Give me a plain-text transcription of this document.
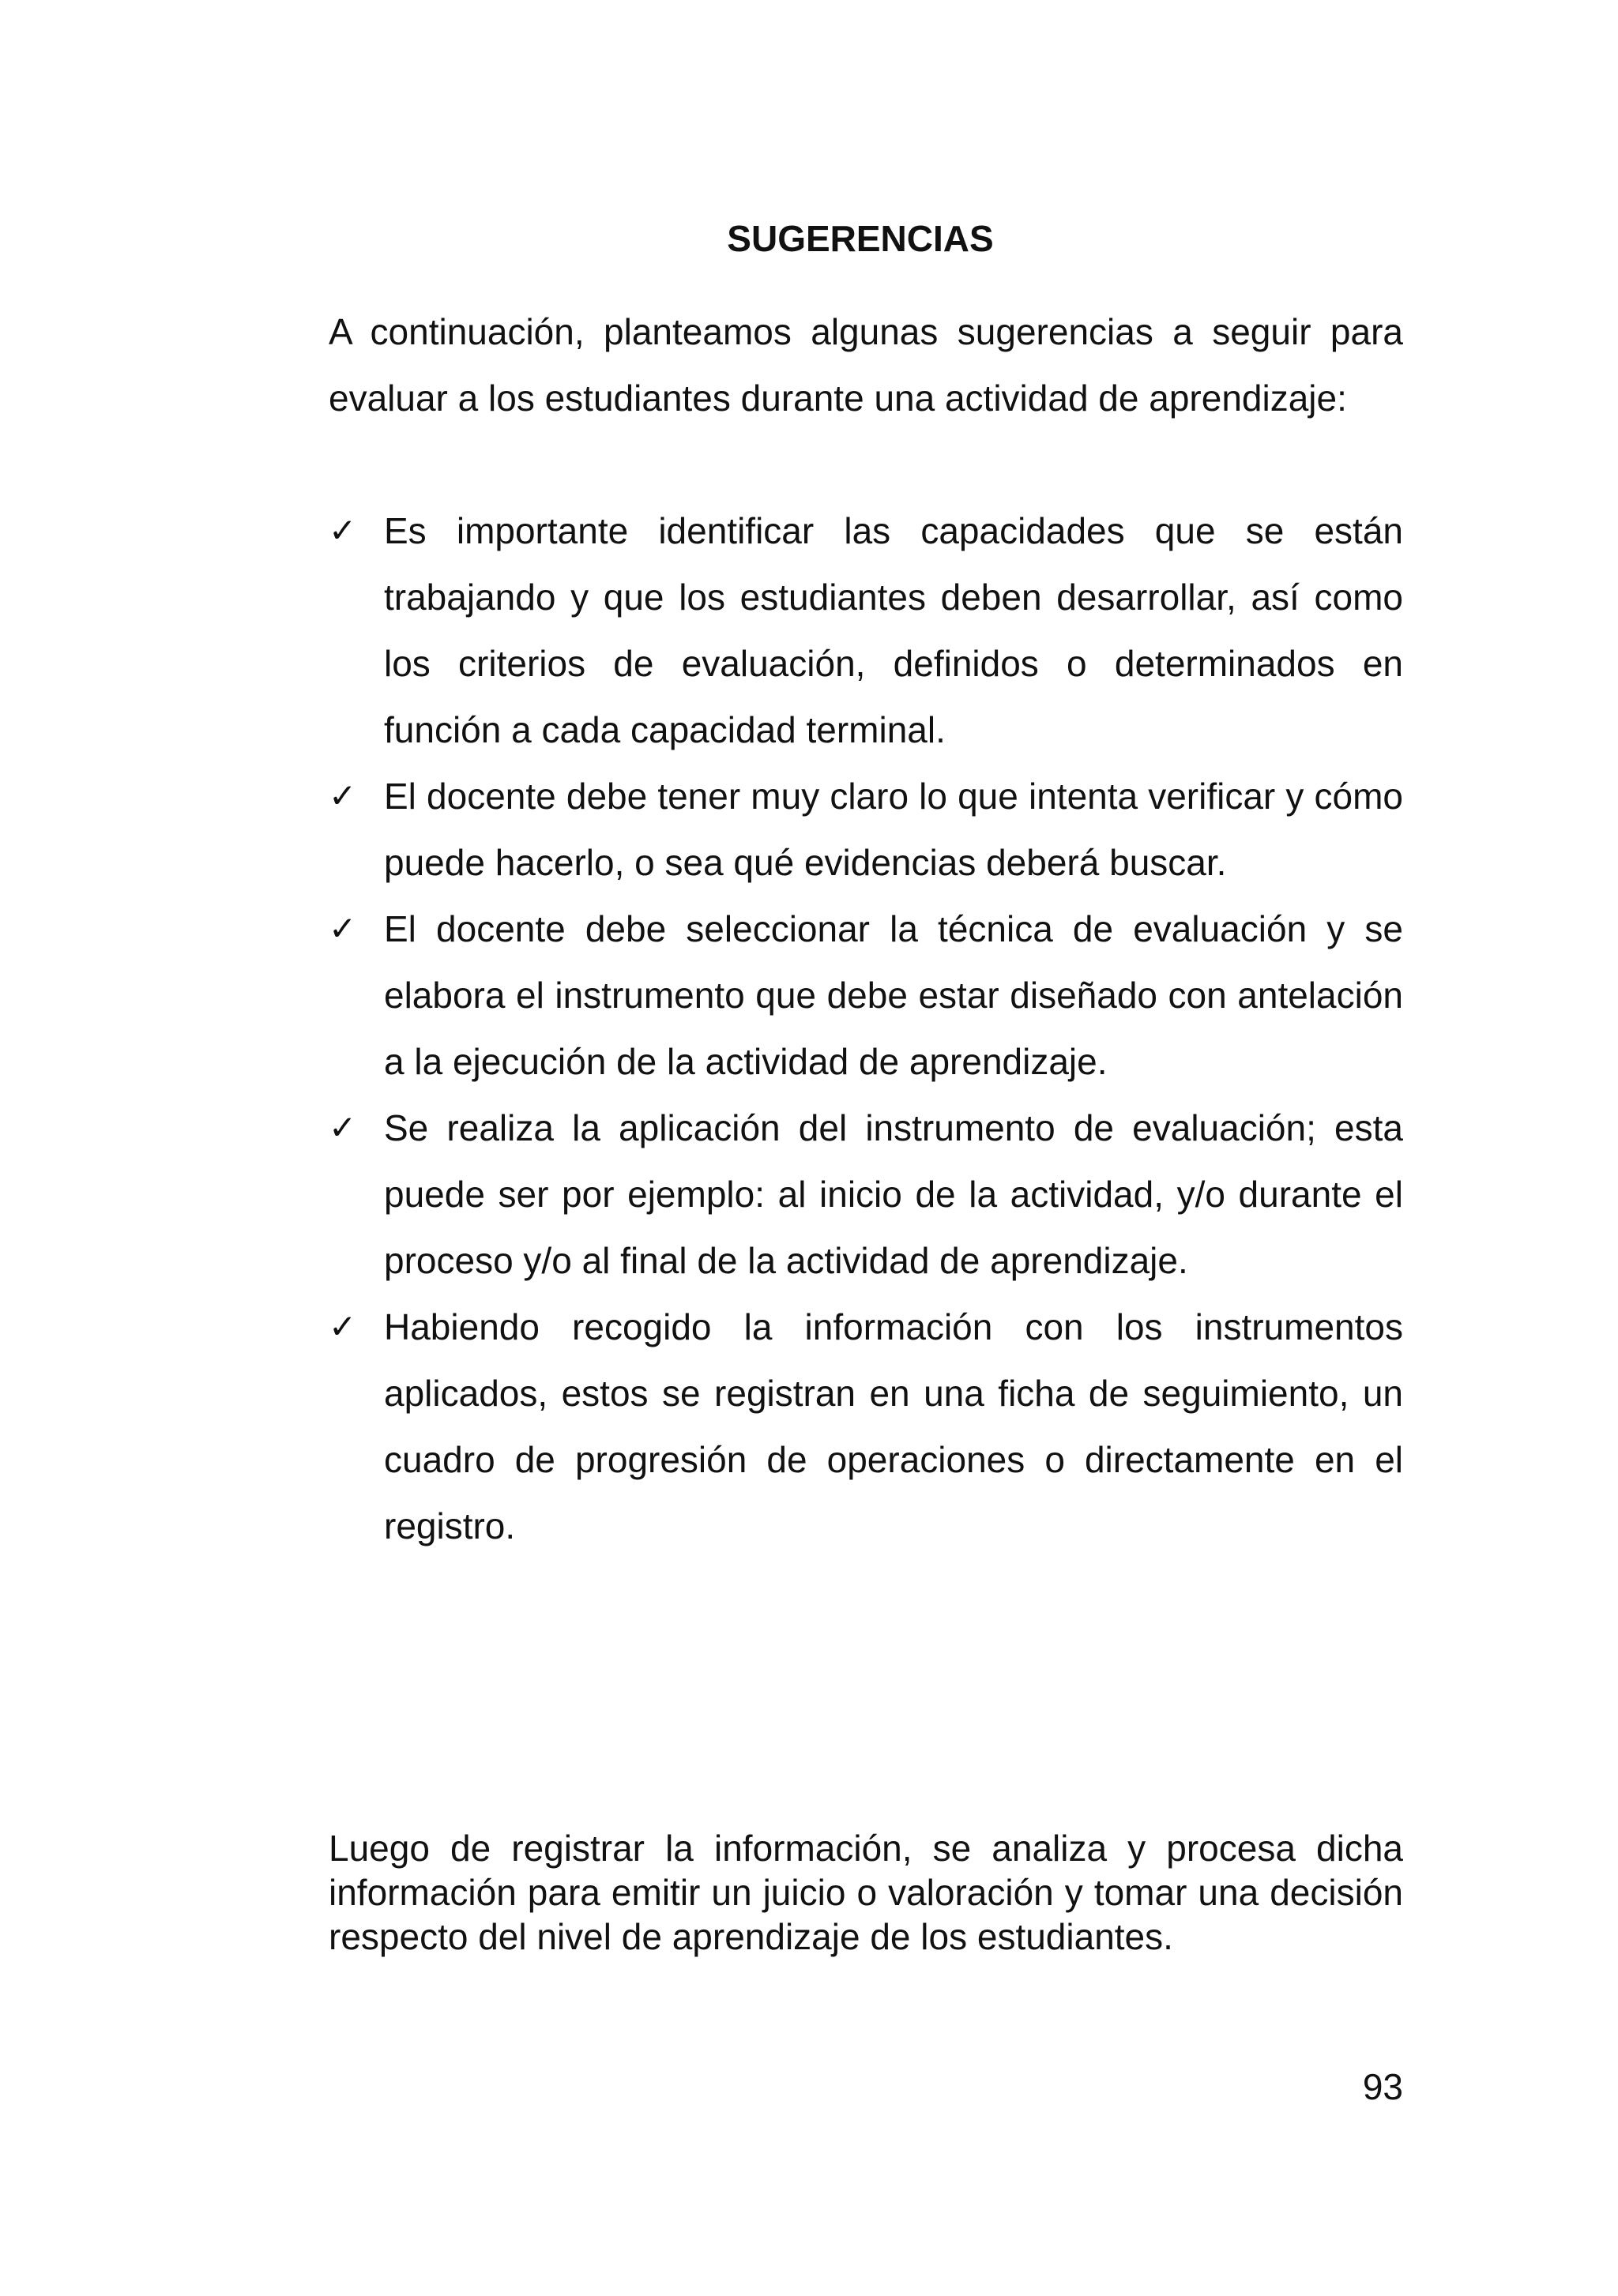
SUGERENCIAS
A continuación, planteamos algunas sugerencias a seguir para evaluar a los estudiantes durante una actividad de aprendizaje:
✓ Es importante identificar las capacidades que se están trabajando y que los estudiantes deben desarrollar, así como los criterios de evaluación, definidos o determinados en función a cada capacidad terminal.
✓ El docente debe tener muy claro lo que intenta verificar y cómo puede hacerlo, o sea qué evidencias deberá buscar.
✓ El docente debe seleccionar la técnica de evaluación y se elabora el instrumento que debe estar diseñado con antelación a la ejecución de la actividad de aprendizaje.
✓ Se realiza la aplicación del instrumento de evaluación; esta puede ser por ejemplo: al inicio de la actividad, y/o durante el proceso y/o al final de la actividad de aprendizaje.
✓ Habiendo recogido la información con los instrumentos aplicados, estos se registran en una ficha de seguimiento, un cuadro de progresión de operaciones o directamente en el registro.
Luego de registrar la información, se analiza y procesa dicha información para emitir un juicio o valoración y tomar una decisión respecto del nivel de aprendizaje de los estudiantes.
93
